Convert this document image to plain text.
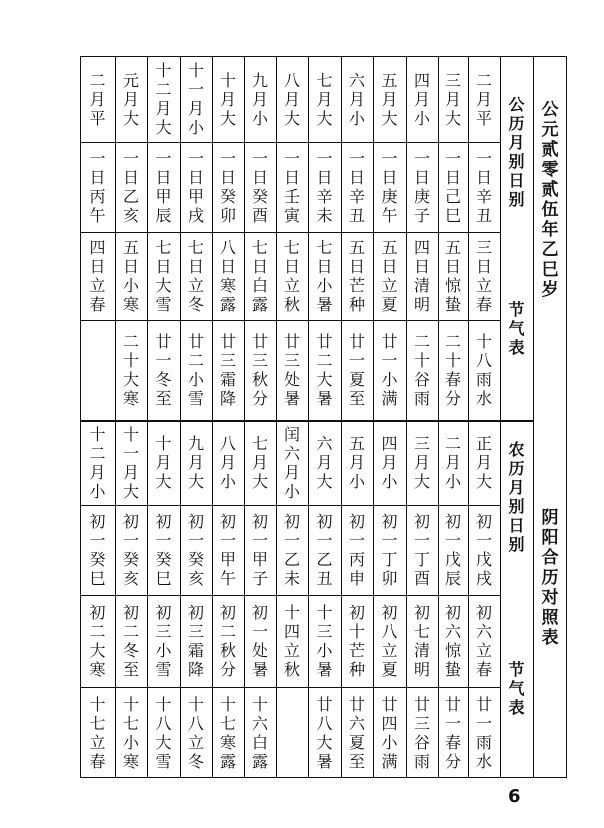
二
月
平
一
日
辛
丑
三
日
立
春
十
八
雨
水
正
月
大
初
一
戊
戌
初
六
立
春
廿
一
雨
水
三
月
大
一
日
己
巳
五
日
惊
蛰
二
十
春
分
二
月
小
初
一
戊
辰
初
六
惊
蛰
廿
一
春
分
四
月
小
一
日
庚
子
四
日
清
明
二
十
谷
雨
三
月
大
初
一
丁
酉
初
七
清
明
廿
三
谷
雨
五
月
大
一
日
庚
午
五
日
立
夏
廿
一
小
满
四
月
小
初
一
丁
卯
初
八
立
夏
廿
四
小
满
六
月
小
一
日
辛
丑
五
日
芒
种
廿
一
夏
至
五
月
小
初
一
丙
申
初
十
芒
种
廿
六
夏
至
七
月
大
一
日
辛
未
七
日
小
暑
廿
二
大
暑
六
月
大
初
一
乙
丑
十
三
小
暑
廿
八
大
暑
八
月
大
一
日
壬
寅
七
日
立
秋
廿
三
处
暑
闰
六
月
小
初
一
乙
未
十
四
立
秋
九
月
小
一
日
癸
酉
七
日
白
露
廿
三
秋
分
七
月
大
初
一
甲
子
初
一
处
暑
十
六
白
露
十
月
大
一
日
癸
卯
八
日
寒
露
廿
三
霜
降
八
月
小
初
一
甲
午
初
二
秋
分
十
七
寒
露
十
一
月
小
一
日
甲
戌
七
日
立
冬
廿
二
小
雪
九
月
大
初
一
癸
亥
初
三
霜
降
十
八
立
冬
十
二
月
大
一
日
甲
辰
七
日
大
雪
廿
一
冬
至
十
月
大
初
一
癸
巳
初
三
小
雪
十
八
大
雪
元
月
大
一
日
乙
亥
五
日
小
寒
二
十
大
寒
十
一
月
大
初
一
癸
亥
初
二
冬
至
十
七
小
寒
二
月
平
一
日
丙
午
四
日
立
春
十
二
月
小
初
一
癸
巳
初
二
大
寒
十
七
立
春
公
历
月
别
日
别
节
气
表
农
历
月
别
日
别
节
气
表
公
元
贰
零
贰
伍
年
乙
巳
岁
阴
阳
合
历
对
照
表
6
